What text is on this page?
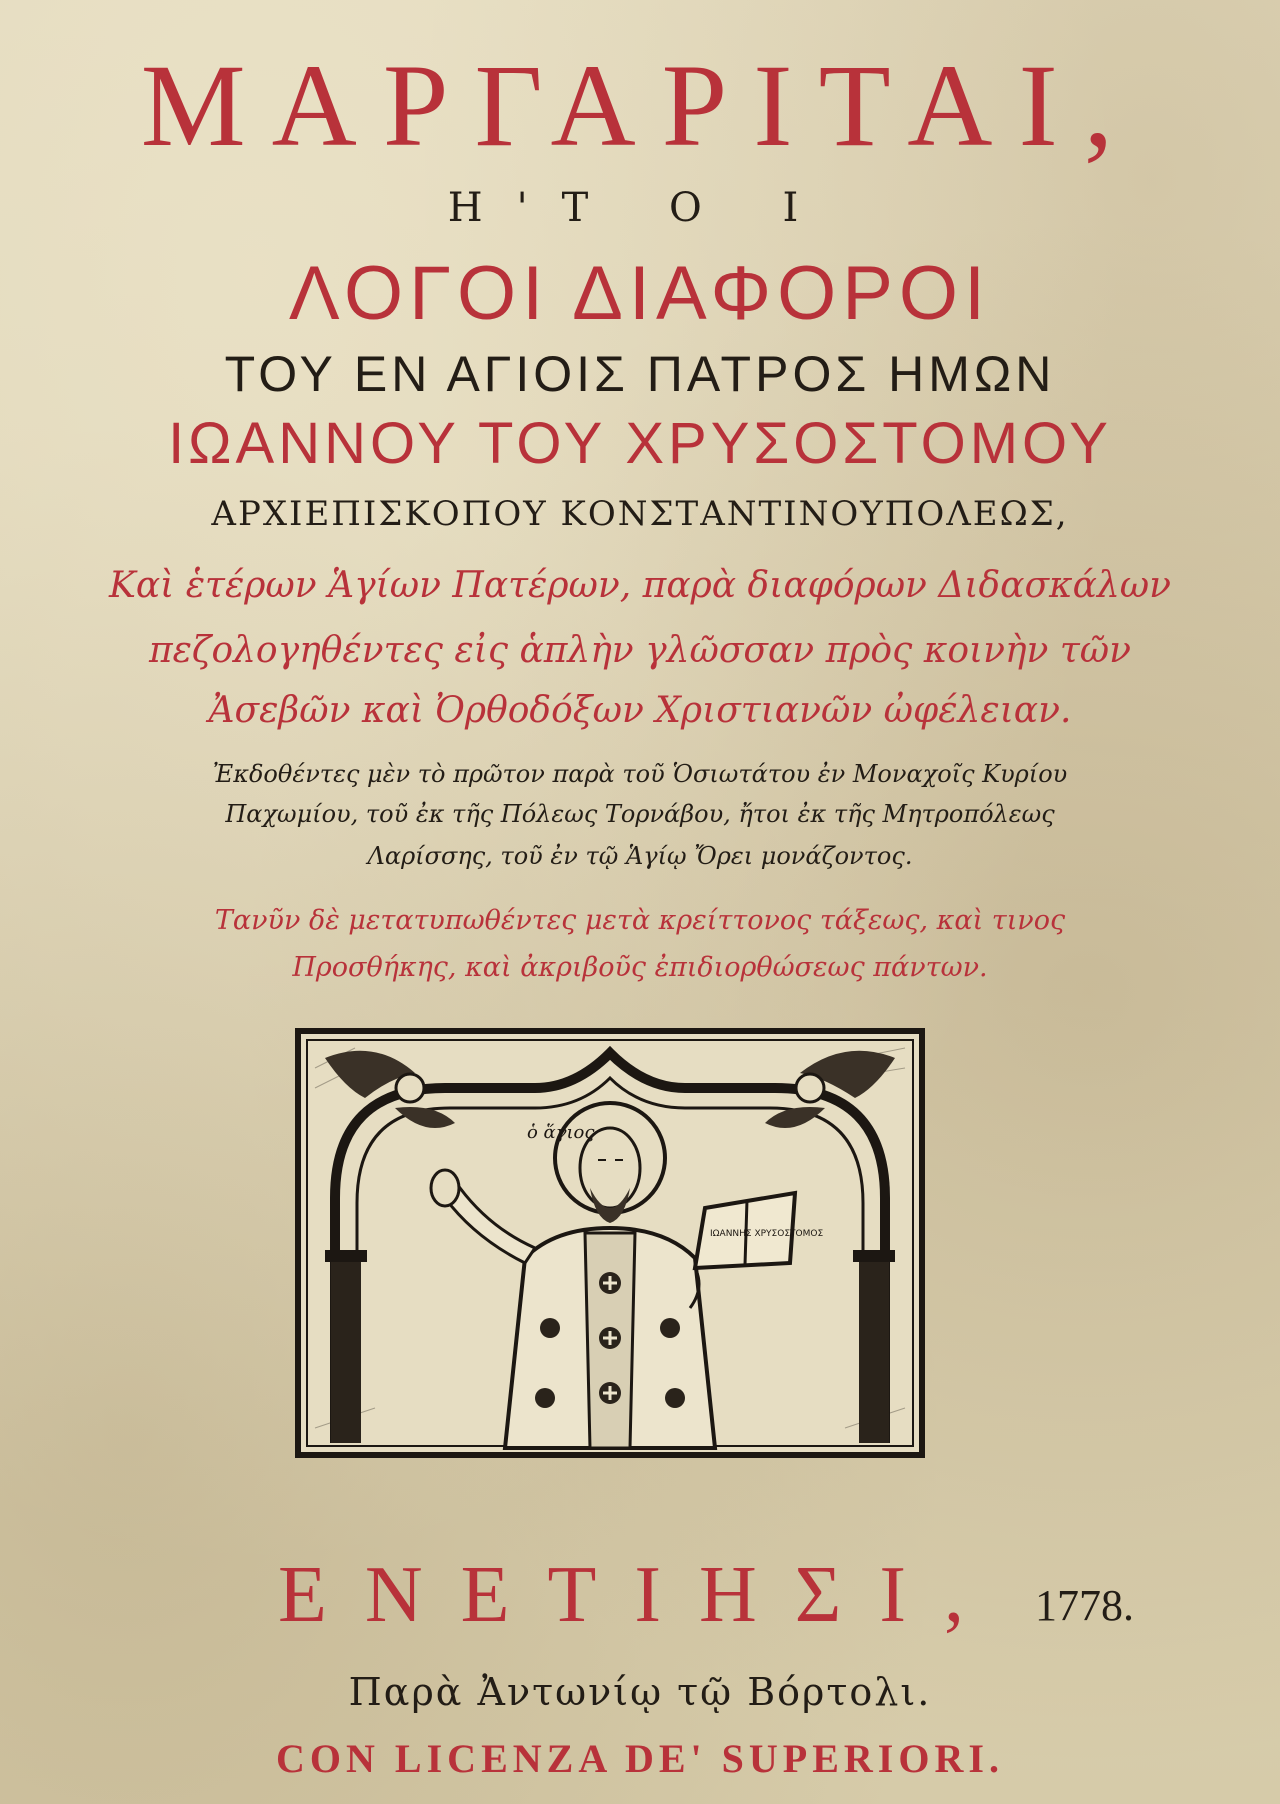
ΜΑΡΓΑΡΙΤΑΙ,
Η'Τ Ο Ι
ΛΟΓΟΙ ΔΙΑΦΟΡΟΙ
ΤΟΥ ΕΝ ΑΓΙΟΙΣ ΠΑΤΡΟΣ ΗΜΩΝ
ΙΩΑΝΝΟΥ ΤΟΥ ΧΡΥΣΟΣΤΟΜΟΥ
ΑΡΧΙΕΠΙΣΚΟΠΟΥ ΚΟΝΣΤΑΝΤΙΝΟΥΠΟΛΕΩΣ,
Καὶ ἑτέρων Ἁγίων Πατέρων, παρὰ διαφόρων Διδασκάλων
πεζολογηθέντες εἰς ἁπλὴν γλῶσσαν πρὸς κοινὴν τῶν
Ἀσεβῶν καὶ Ὀρθοδόξων Χριστιανῶν ὠφέλειαν.
Ἐκδοθέντες μὲν τὸ πρῶτον παρὰ τοῦ Ὁσιωτάτου ἐν Μοναχοῖς Κυρίου
Παχωμίου, τοῦ ἐκ τῆς Πόλεως Τορνάβου, ἤτοι ἐκ τῆς Μητροπόλεως
Λαρίσσης, τοῦ ἐν τῷ Ἁγίῳ Ὄρει μονάζοντος.
Τανῦν δὲ μετατυπωθέντες μετὰ κρείττονος τάξεως, καὶ τινος
Προσθήκης, καὶ ἀκριβοῦς ἐπιδιορθώσεως πάντων.
ὁ ἅγιος
ΙΩΑΝΝΗΣ ΧΡΥΣΟΣΤΟΜΟΣ
ΕΝΕΤΙΗΣΙ, 1778.
Παρὰ Ἀντωνίῳ τῷ Βόρτολι.
CON LICENZA DE' SUPERIORI.
